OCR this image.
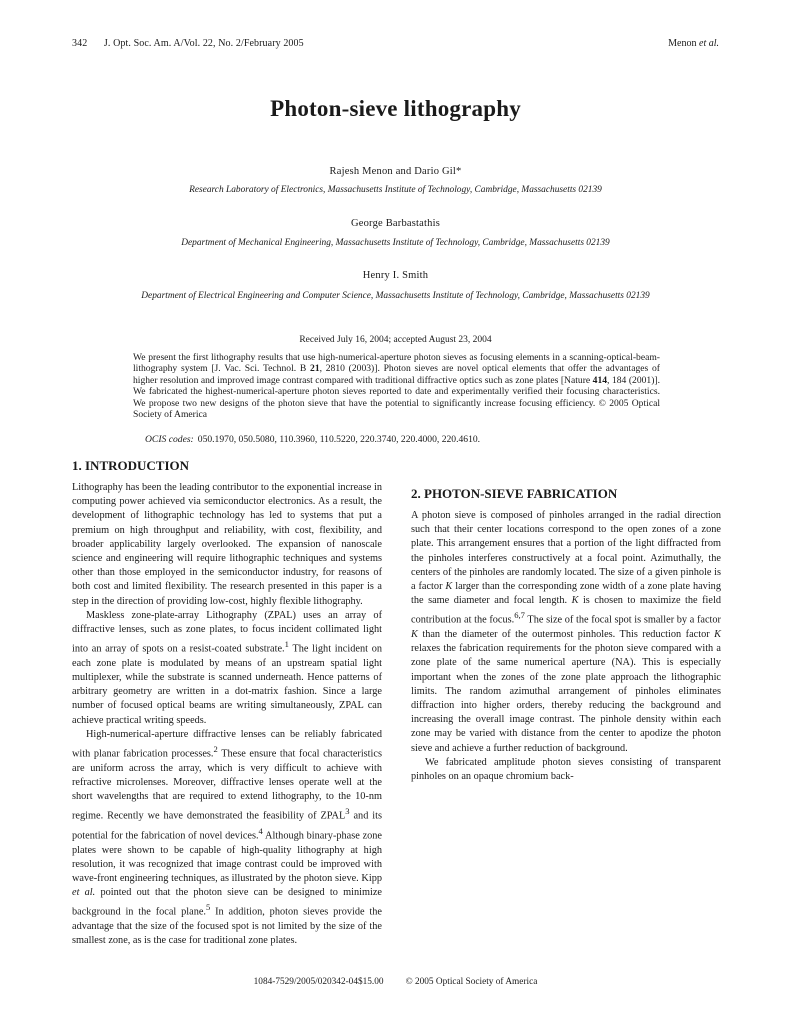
342 J. Opt. Soc. Am. A/Vol. 22, No. 2/February 2005	Menon et al.
Photon-sieve lithography
Rajesh Menon and Dario Gil*
Research Laboratory of Electronics, Massachusetts Institute of Technology, Cambridge, Massachusetts 02139
George Barbastathis
Department of Mechanical Engineering, Massachusetts Institute of Technology, Cambridge, Massachusetts 02139
Henry I. Smith
Department of Electrical Engineering and Computer Science, Massachusetts Institute of Technology, Cambridge, Massachusetts 02139
Received July 16, 2004; accepted August 23, 2004
We present the first lithography results that use high-numerical-aperture photon sieves as focusing elements in a scanning-optical-beam-lithography system [J. Vac. Sci. Technol. B 21, 2810 (2003)]. Photon sieves are novel optical elements that offer the advantages of higher resolution and improved image contrast compared with traditional diffractive optics such as zone plates [Nature 414, 184 (2001)]. We fabricated the highest-numerical-aperture photon sieves reported to date and experimentally verified their focusing characteristics. We propose two new designs of the photon sieve that have the potential to significantly increase focusing efficiency. © 2005 Optical Society of America
OCIS codes: 050.1970, 050.5080, 110.3960, 110.5220, 220.3740, 220.4000, 220.4610.
1. INTRODUCTION

Lithography has been the leading contributor to the exponential increase in computing power achieved via semiconductor electronics. As a result, the development of lithographic technology has led to systems that put a premium on high throughput and reliability, with cost, flexibility, and broader applicability largely overlooked. The expansion of nanoscale science and engineering will require lithographic techniques and systems other than those employed in the semiconductor industry, for reasons of both cost and limited flexibility. The research presented in this paper is a step in the direction of providing low-cost, highly flexible lithography.

Maskless zone-plate-array Lithography (ZPAL) uses an array of diffractive lenses, such as zone plates, to focus incident collimated light into an array of spots on a resist-coated substrate.$^1$ The light incident on each zone plate is modulated by means of an upstream spatial light multiplexer, while the substrate is scanned underneath. Hence patterns of arbitrary geometry are written in a dot-matrix fashion. Since a large number of focused optical beams are writing simultaneously, ZPAL can achieve practical writing speeds.

High-numerical-aperture diffractive lenses can be reliably fabricated with planar fabrication processes.$^2$ These ensure that focal characteristics are uniform across the array, which is very difficult to achieve with refractive microlenses. Moreover, diffractive lenses operate well at the short wavelengths that are required to extend lithography, to the 10-nm regime. Recently we have demonstrated the feasibility of ZPAL$^3$ and its potential for the fabrication of novel devices.$^4$ Although binary-phase zone plates were shown to be capable of high-quality lithography at high resolution, it was recognized that image contrast could be improved with wave-front engineering techniques, as illustrated by the photon sieve. Kipp et al. pointed out that the photon sieve can be designed to minimize background in the focal plane.$^5$ In addition, photon sieves provide the advantage that the size of the focused spot is not limited by the size of the smallest zone, as is the case for traditional zone plates.

2. PHOTON-SIEVE FABRICATION

A photon sieve is composed of pinholes arranged in the radial direction such that their center locations correspond to the open zones of a zone plate. This arrangement ensures that a portion of the light diffracted from the pinholes interferes constructively at a focal point. Azimuthally, the centers of the pinholes are randomly located. The size of a given pinhole is a factor K larger than the corresponding zone width of a zone plate having the same diameter and focal length. K is chosen to maximize the field contribution at the focus.$^{6,7}$ The size of the focal spot is smaller by a factor K than the diameter of the outermost pinholes. This reduction factor K relaxes the fabrication requirements for the photon sieve compared with a zone plate of the same numerical aperture (NA). This is especially important when the zones of the zone plate approach the lithographic limits. The random azimuthal arrangement of pinholes eliminates diffraction into higher orders, thereby reducing the background and increasing the overall image contrast. The pinhole density within each zone may be varied with distance from the center to apodize the photon sieve and achieve a further reduction of background.

We fabricated amplitude photon sieves consisting of transparent pinholes on an opaque chromium back-

1084-7529/2005/020342-04$15.00 © 2005 Optical Society of America
